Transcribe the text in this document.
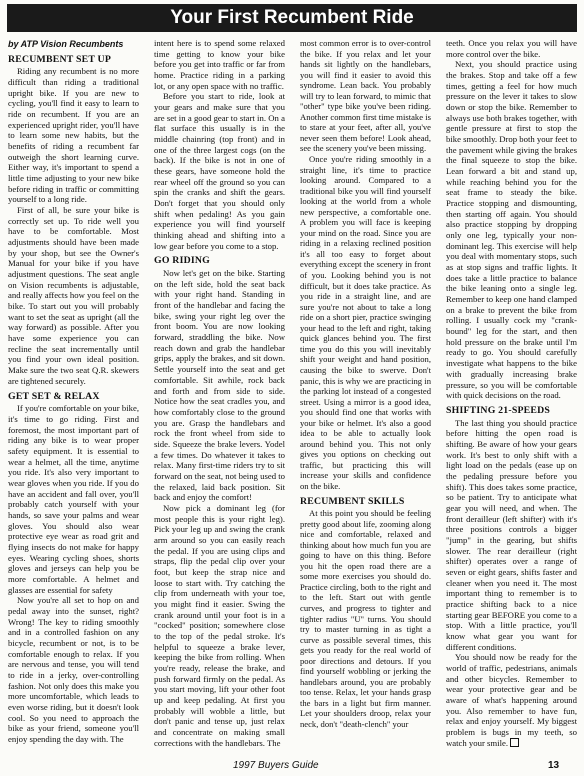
Your First Recumbent Ride
by ATP Vision Recumbents
RECUMBENT SET UP

Riding any recumbent is no more difficult than riding a traditional upright bike. If you are new to cycling, you'll find it easy to learn to ride on recumbent. If you are an experienced upright rider, you'll have to learn some new habits, but the benefits of riding a recumbent far outweigh the short learning curve. Either way, it's important to spend a little time adjusting to your new bike before riding in traffic or committing yourself to a long ride.

First of all, be sure your bike is correctly set up. To ride well you have to be comfortable. Most adjustments should have been made by your shop, but see the Owner's Manual for your bike if you have adjustment questions. The seat angle on Vision recumbents is adjustable, and really affects how you feel on the bike. To start out you will probably want to set the seat as upright (all the way forward) as possible. After you have some experience you can recline the seat incrementally until you find your own ideal position. Make sure the two seat Q.R. skewers are tightened securely.

GET SET & RELAX

If you're comfortable on your bike, it's time to go riding. First and foremost, the most important part of riding any bike is to wear proper safety equipment. It is essential to wear a helmet, all the time, anytime you ride. It's also very important to wear gloves when you ride. If you do have an accident and fall over, you'll probably catch yourself with your hands, so save your palms and wear gloves. You should also wear protective eye wear as road grit and flying insects do not make for happy eyes. Wearing cycling shoes, shorts gloves and jerseys can help you be more comfortable. A helmet and glasses are essential for safety

Now you're all set to hop on and pedal away into the sunset, right? Wrong! The key to riding smoothly and in a controlled fashion on any bicycle, recumbent or not, is to be comfortable enough to relax. If you are nervous and tense, you will tend to ride in a jerky, over-controlling fashion. Not only does this make you more uncomfortable, which leads to even worse riding, but it doesn't look cool. So you need to approach the bike as your friend, someone you'll enjoy spending the day with. The

intent here is to spend some relaxed time getting to know your bike before you get into traffic or far from home. Practice riding in a parking lot, or any open space with no traffic.

Before you start to ride, look at your gears and make sure that you are set in a good gear to start in. On a flat surface this usually is in the middle chainring (top front) and in one of the three largest cogs (on the back). If the bike is not in one of these gears, have someone hold the rear wheel off the ground so you can spin the cranks and shift the gears. Don't forget that you should only shift when pedaling! As you gain experience you will find yourself thinking ahead and shifting into a low gear before you come to a stop.

GO RIDING

Now let's get on the bike. Starting on the left side, hold the seat back with your right hand. Standing in front of the handlebar and facing the bike, swing your right leg over the front boom. You are now looking forward, straddling the bike. Now reach down and grab the handlebar grips, apply the brakes, and sit down. Settle yourself into the seat and get comfortable. Sit awhile, rock back and forth and from side to side. Notice how the seat cradles you, and how comfortably close to the ground you are. Grasp the handlebars and rock the front wheel from side to side. Squeeze the brake levers. Yodel a few times. Do whatever it takes to relax. Many first-time riders try to sit forward on the seat, not being used to the relaxed, laid back position. Sit back and enjoy the comfort!

Now pick a dominant leg (for most people this is your right leg). Pick your leg up and swing the crank arm around so you can easily reach the pedal. If you are using clips and straps, flip the pedal clip over your foot, but keep the strap nice and loose to start with. Try catching the clip from underneath with your toe, you might find it easier. Swing the crank around until your foot is in a "cocked" position; somewhere close to the top of the pedal stroke. It's helpful to squeeze a brake lever, keeping the bike from rolling. When you're ready, release the brake, and push forward firmly on the pedal. As you start moving, lift your other foot up and keep pedaling. At first you probably will wobble a little, but don't panic and tense up, just relax and concentrate on making small corrections with the handlebars. The

most common error is to over-control the bike. If you relax and let your hands sit lightly on the handlebars, you will find it easier to avoid this syndrome. Lean back. You probably will try to lean forward, to mimic that "other" type bike you've been riding. Another common first time mistake is to stare at your feet, after all, you've never seen them before! Look ahead, see the scenery you've been missing.

Once you're riding smoothly in a straight line, it's time to practice looking around. Compared to a traditional bike you will find yourself looking at the world from a whole new perspective, a comfortable one. A problem you will face is keeping your mind on the road. Since you are riding in a relaxing reclined position it's all too easy to forget about everything except the scenery in front of you. Looking behind you is not difficult, but it does take practice. As you ride in a straight line, and are sure you're not about to take a long ride on a short pier, practice swinging your head to the left and right, taking quick glances behind you. The first time you do this you will inevitably shift your weight and hand position, causing the bike to swerve. Don't panic, this is why we are practicing in the parking lot instead of a congested street. Using a mirror is a good idea, you should find one that works with your bike or helmet. It's also a good idea to be able to actually look around behind you. This not only gives you options on checking out traffic, but practicing this will increase your skills and confidence on the bike.

RECUMBENT SKILLS

At this point you should be feeling pretty good about life, zooming along nice and comfortable, relaxed and thinking about how much fun you are going to have on this thing. Before you hit the open road there are a some more exercises you should do. Practice circling, both to the right and to the left. Start out with gentle curves, and progress to tighter and tighter radius "U" turns. You should try to master turning in as tight a curve as possible several times, this gets you ready for the real world of poor directions and detours. If you find yourself wobbling or jerking the handlebars around, you are probably too tense. Relax, let your hands grasp the bars in a light but firm manner. Let your shoulders droop, relax your neck, don't "death-clench" your

teeth. Once you relax you will have more control over the bike.

Next, you should practice using the brakes. Stop and take off a few times, getting a feel for how much pressure on the lever it takes to slow down or stop the bike. Remember to always use both brakes together, with gentle pressure at first to stop the bike smoothly. Drop both your feet to the pavement while giving the brakes the final squeeze to stop the bike. Lean forward a bit and stand up, while reaching behind you for the seat frame to steady the bike. Practice stopping and dismounting, then starting off again. You should also practice stopping by dropping only one leg, typically your non-dominant leg. This exercise will help you deal with momentary stops, such as at stop signs and traffic lights. It does take a little practice to balance the bike leaning onto a single leg. Remember to keep one hand clamped on a brake to prevent the bike from rolling. I usually cock my "crank-bound" leg for the start, and then hold pressure on the brake until I'm ready to go. You should carefully investigate what happens to the bike with gradually increasing brake pressure, so you will be comfortable with quick decisions on the road.

SHIFTING 21-SPEEDS

The last thing you should practice before hitting the open road is shifting. Be aware of how your gears work. It's best to only shift with a light load on the pedals (ease up on the pedaling pressure before you shift). This does takes some practice, so be patient. Try to anticipate what gear you will need, and when. The front derailleur (left shifter) with it's three positions controls a bigger "jump" in the gearing, but shifts slower. The rear derailleur (right shifter) operates over a range of seven or eight gears, shifts faster and cleaner when you need it. The most important thing to remember is to practice shifting back to a nice starting gear BEFORE you come to a stop. With a little practice, you'll know what gear you want for different conditions.

You should now be ready for the world of traffic, pedestrians, animals and other bicycles. Remember to wear your protective gear and be aware of what's happening around you. Also remember to have fun, relax and enjoy yourself. My biggest problem is bugs in my teeth, so watch your smile.

1997 Buyers Guide	13
